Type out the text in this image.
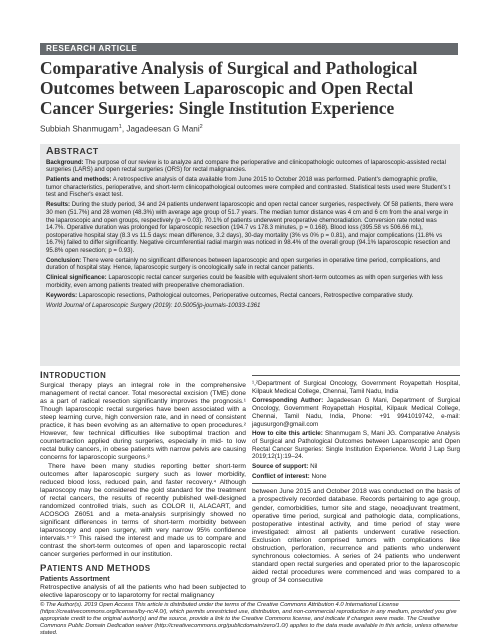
RESEARCH ARTICLE
Comparative Analysis of Surgical and Pathological Outcomes between Laparoscopic and Open Rectal Cancer Surgeries: Single Institution Experience
Subbiah Shanmugam$^1$, Jagadeesan G Mani$^2$
ABSTRACT

Background: The purpose of our review is to analyze and compare the perioperative and clinicopathologic outcomes of laparoscopic-assisted rectal surgeries (LARS) and open rectal surgeries (ORS) for rectal malignancies.

Patients and methods: A retrospective analysis of data available from June 2015 to October 2018 was performed. Patient's demographic profile, tumor characteristics, perioperative, and short-term clinicopathological outcomes were compiled and contrasted. Statistical tests used were Student's t test and Fischer's exact test.

Results: During the study period, 34 and 24 patients underwent laparoscopic and open rectal cancer surgeries, respectively. Of 58 patients, there were 30 men (51.7%) and 28 women (48.3%) with average age group of 51.7 years. The median tumor distance was 4 cm and 6 cm from the anal verge in the laparoscopic and open groups, respectively (p = 0.03). 70.1% of patients underwent preoperative chemoradiation. Conversion rate noted was 14.7%. Operative duration was prolonged for laparoscopic resection (194.7 vs 178.3 minutes, p = 0.168). Blood loss (395.58 vs 506.66 mL), postoperative hospital stay (8.3 vs 11.5 days: mean difference, 3.2 days), 30-day mortality (3% vs 0% p = 0.81), and major complications (11.8% vs 16.7%) failed to differ significantly. Negative circumferential radial margin was noticed in 98.4% of the overall group (94.1% laparoscopic resection and 95.8% open resection; p = 0.93).

Conclusion: There were certainly no significant differences between laparoscopic and open surgeries in operative time period, complications, and duration of hospital stay. Hence, laparoscopic surgery is oncologically safe in rectal cancer patients.

Clinical significance: Laparoscopic rectal cancer surgeries could be feasible with equivalent short-term outcomes as with open surgeries with less morbidity, even among patients treated with preoperative chemoradiation.

Keywords: Laparoscopic resections, Pathological outcomes, Perioperative outcomes, Rectal cancers, Retrospective comparative study.

World Journal of Laparoscopic Surgery (2019): 10.5005/jp-journals-10033-1361

INTRODUCTION

Surgical therapy plays an integral role in the comprehensive management of rectal cancer. Total mesorectal excision (TME) done as a part of radical resection significantly improves the prognosis.¹ Though laparoscopic rectal surgeries have been associated with a steep learning curve, high conversion rate, and in need of consistent practice, it has been evolving as an alternative to open procedures.² However, few technical difficulties like suboptimal traction and countertraction applied during surgeries, especially in mid- to low rectal bulky cancers, in obese patients with narrow pelvis are causing concerns for laparoscopic surgeons.³

There have been many studies reporting better short-term outcomes after laparoscopic surgery such as lower morbidity, reduced blood loss, reduced pain, and faster recovery.⁴ Although laparoscopy may be considered the gold standard for the treatment of rectal cancers, the results of recently published well-designed randomized controlled trials, such as COLOR II, ALACART, and ACOSOG Z6051 and a meta-analysis surprisingly showed no significant differences in terms of short-term morbidity between laparoscopy and open surgery, with very narrow 95% confidence intervals.⁵⁻⁹ This raised the interest and made us to compare and contrast the short-term outcomes of open and laparoscopic rectal cancer surgeries performed in our institution.

PATIENTS AND METHODS
Patients Assortment

Retrospective analysis of all the patients who had been subjected to elective laparoscopy or to laparotomy for rectal malignancy

¹,²Department of Surgical Oncology, Government Royapettah Hospital, Kilpauk Medical College, Chennai, Tamil Nadu, India

Corresponding Author: Jagadeesan G Mani, Department of Surgical Oncology, Government Royapettah Hospital, Kilpauk Medical College, Chennai, Tamil Nadu, India, Phone: +91 9941019742, e-mail: jagusurgon@gmail.com

How to cite this article: Shanmugam S, Mani JG. Comparative Analysis of Surgical and Pathological Outcomes between Laparoscopic and Open Rectal Cancer Surgeries: Single Institution Experience. World J Lap Surg 2019;12(1):19–24.

Source of support: Nil

Conflict of interest: None

between June 2015 and October 2018 was conducted on the basis of a prospectively recorded database. Records pertaining to age group, gender, comorbidities, tumor site and stage, neoadjuvant treatment, operative time period, surgical and pathologic data, complications, postoperative intestinal activity, and time period of stay were investigated: almost all patients underwent curative resection. Exclusion criterion comprised tumors with complications like obstruction, perforation, recurrence and patients who underwent synchronous colectomies. A series of 24 patients who underwent standard open rectal surgeries and operated prior to the laparoscopic aided rectal procedures were commenced and was compared to a group of 34 consecutive

© The Author(s). 2019 Open Access This article is distributed under the terms of the Creative Commons Attribution 4.0 International License (https://creativecommons.org/licenses/by-nc/4.0/), which permits unrestricted use, distribution, and non-commercial reproduction in any medium, provided you give appropriate credit to the original author(s) and the source, provide a link to the Creative Commons license, and indicate if changes were made. The Creative Commons Public Domain Dedication waiver (http://creativecommons.org/publicdomain/zero/1.0/) applies to the data made available in this article, unless otherwise stated.
